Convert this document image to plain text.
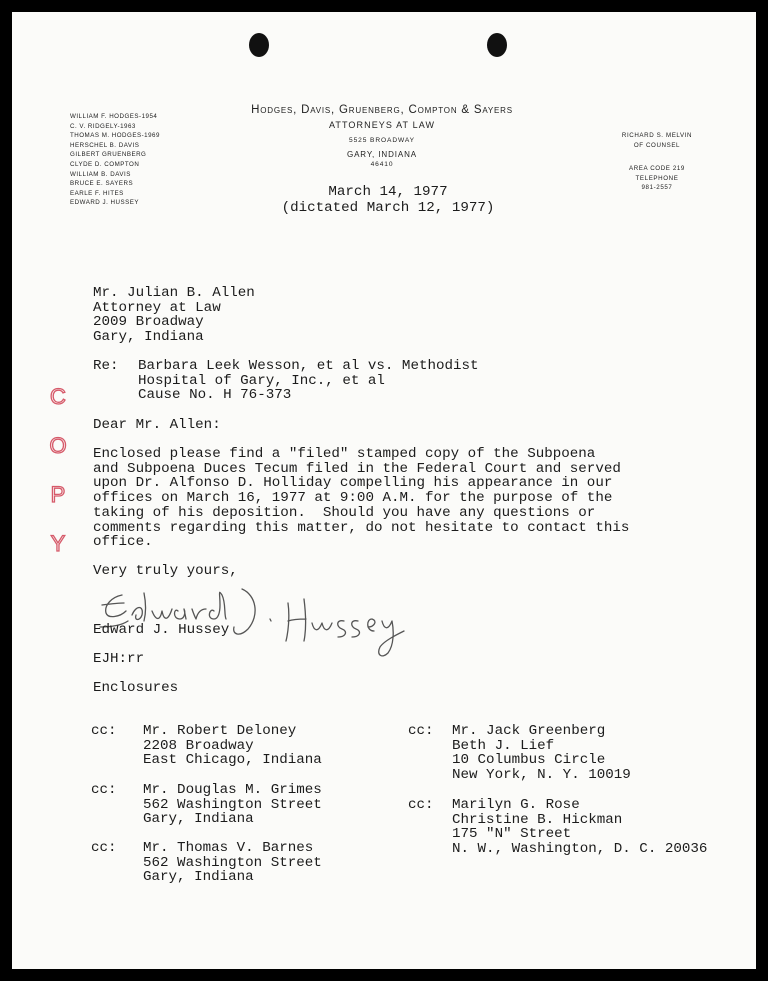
WILLIAM F. HODGES-1954
C. V. RIDGELY-1963
THOMAS M. HODGES-1969
HERSCHEL B. DAVIS
GILBERT GRUENBERG
CLYDE D. COMPTON
WILLIAM B. DAVIS
BRUCE E. SAYERS
EARLE F. HITES
EDWARD J. HUSSEY
Hodges, Davis, Gruenberg, Compton & Sayers
ATTORNEYS AT LAW
5525 BROADWAY
GARY, INDIANA
46410
RICHARD S. MELVIN
OF COUNSEL
AREA CODE 219
TELEPHONE
981-2557
March 14, 1977
(dictated March 12, 1977)
Mr. Julian B. Allen
Attorney at Law
2009 Broadway
Gary, Indiana
Re: Barbara Leek Wesson, et al vs. Methodist
Hospital of Gary, Inc., et al
Cause No. H 76-373
Dear Mr. Allen:
Enclosed please find a "filed" stamped copy of the Subpoena
and Subpoena Duces Tecum filed in the Federal Court and served
upon Dr. Alfonso D. Holliday compelling his appearance in our
offices on March 16, 1977 at 9:00 A.M. for the purpose of the
taking of his deposition.  Should you have any questions or
comments regarding this matter, do not hesitate to contact this
office.
Very truly yours,
Edward J. Hussey
EJH:rr
Enclosures
C
O
P
Y

cc:

Mr. Robert Deloney
2208 Broadway
East Chicago, Indiana

cc:

Mr. Douglas M. Grimes
562 Washington Street
Gary, Indiana

cc:

Mr. Thomas V. Barnes
562 Washington Street
Gary, Indiana

cc:

Mr. Jack Greenberg
Beth J. Lief
10 Columbus Circle
New York, N. Y. 10019

cc:

Marilyn G. Rose
Christine B. Hickman
175 "N" Street
N. W., Washington, D. C. 20036
